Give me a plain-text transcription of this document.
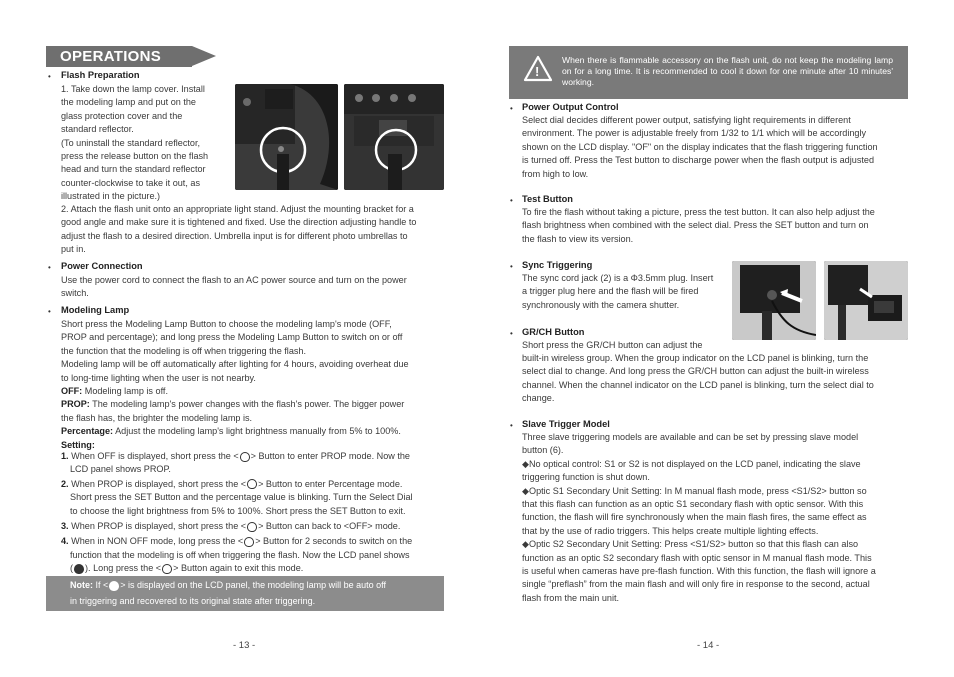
OPERATIONS
• Flash Preparation
1. Take down the lamp cover. Install
the modeling lamp and put on the
glass protection cover and the
standard reflector.
(To uninstall the standard reflector,
press the release button on the flash
head and turn the standard reflector
counter-clockwise to take it out, as
illustrated in the picture.)
2. Attach the flash unit onto an appropriate light stand. Adjust the mounting bracket for a
good angle and make sure it is tightened and fixed. Use the direction adjusting handle to
adjust the flash to a desired direction. Umbrella input is for different photo umbrellas to
put in.
• Power Connection
Use the power cord to connect the flash to an AC power source and turn on the power
switch.
• Modeling Lamp
Short press the Modeling Lamp Button to choose the modeling lamp's mode (OFF,
PROP and percentage); and long press the Modeling Lamp Button to switch on or off
the function that the modeling is off when triggering the flash.
Modeling lamp will be off automatically after lighting for 4 hours, avoiding overheat due
to long-time lighting when the user is not nearby.
OFF: Modeling lamp is off.
PROP: The modeling lamp's power changes with the flash's power. The bigger power
the flash has, the brighter the modeling lamp is.
Percentage: Adjust the modeling lamp's light brightness manually from 5% to 100%.
Setting:
1. When OFF is displayed, short press the < > Button to enter PROP mode. Now the
LCD panel shows PROP.
2. When PROP is displayed, short press the < > Button to enter Percentage mode.
Short press the SET Button and the percentage value is blinking. Turn the Select Dial
to choose the light brightness from 5% to 100%. Short press the SET Button to exit.
3. When PROP is displayed, short press the < > Button can back to <OFF> mode.
4. When in NON OFF mode, long press the < > Button for 2 seconds to switch on the
function that the modeling is off when triggering the flash. Now the LCD panel shows
( ). Long press the < > Button again to exit this mode.
Note: If < > is displayed on the LCD panel, the modeling lamp will be auto off
in triggering and recovered to its original state after triggering.
- 13 -
!
When there is flammable accessory on the flash unit, do not keep the modeling lamp on for a long time. It is recommended to cool it down for one minute after 10 minutes' working.
• Power Output Control
Select dial decides different power output, satisfying light requirements in different
environment. The power is adjustable freely from 1/32 to 1/1 which will be accordingly
shown on the LCD display. "OF" on the display indicates that the flash triggering function
is turned off. Press the Test button to discharge power when the flash output is adjusted
from high to low.
• Test Button
To fire the flash without taking a picture, press the test button. It can also help adjust the
flash brightness when combined with the select dial. Press the SET button and turn on
the flash to view its version.
• Sync Triggering
The sync cord jack (2) is a Φ3.5mm plug. Insert
a trigger plug here and the flash will be fired
synchronously with the camera shutter.
• GR/CH Button
Short press the GR/CH button can adjust the
built-in wireless group. When the group indicator on the LCD panel is blinking, turn the
select dial to change. And long press the GR/CH button can adjust the built-in wireless
channel. When the channel indicator on the LCD panel is blinking, turn the select dial to
change.
• Slave Trigger Model
Three slave triggering models are available and can be set by pressing slave model
button (6).
◆No optical control: S1 or S2 is not displayed on the LCD panel, indicating the slave
triggering function is shut down.
◆Optic S1 Secondary Unit Setting: In M manual flash mode, press <S1/S2> button so
that this flash can function as an optic S1 secondary flash with optic sensor. With this
function, the flash will fire synchronously when the main flash fires, the same effect as
that by the use of radio triggers. This helps create multiple lighting effects.
◆Optic S2 Secondary Unit Setting: Press <S1/S2> button so that this flash can also
function as an optic S2 secondary flash with optic sensor in M manual flash mode. This
is useful when cameras have pre-flash function. With this function, the flash will ignore a
single “preflash” from the main flash and will only fire in response to the second, actual
flash from the main unit.
- 14 -
